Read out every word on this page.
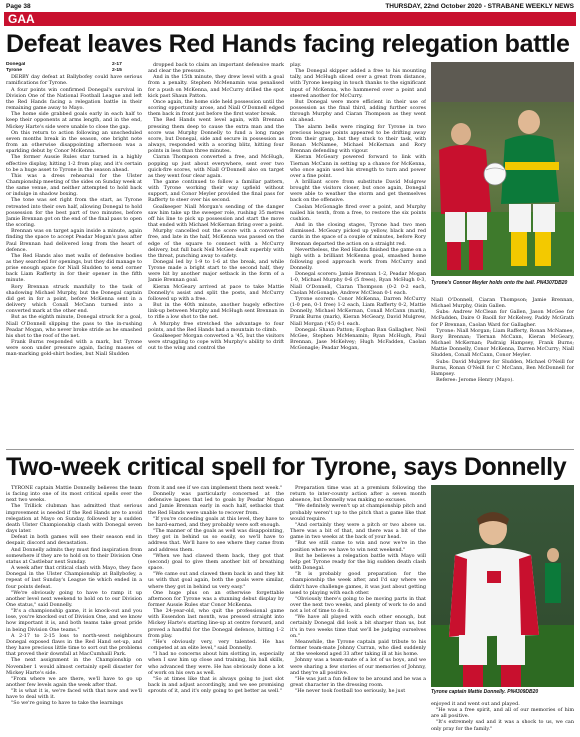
Page 38	THURSDAY, 22nd October 2020 - STRABANE WEEKLY NEWS
GAA
Defeat leaves Red Hands facing relegation battle

Donegal	2-17

Tyrone	2-15

DERBY day defeat at Ballybofey could have serious ramifications for Tyrone.

A four points win confirmed Donegal's survival in Division One of the National Football League and left the Red Hands facing a relegation battle in their remaining game away to Mayo.

The home side grabbed goals early in each half to keep their opponents at arms length, and in the end, Mickey Harte's side were unable to close the gap.

On this return to action following an unscheduled seven months break in the season, one bright note from an otherwise disappointing afternoon was a sparkling debut by Conor McKenna.

The former Aussie Rules star turned in a highly effective display, hitting 1-2 from play, and it's certain to be a huge asset to Tyrone in the season ahead.

This was a dress rehearsal for the Ulster Championship meeting of the sides on Sunday week at the same venue, and neither attempted to hold back or indulge in shadow boxing.

The tone was set right from the start, as Tyrone retreated into their own half, allowing Donegal to hold possession for the best part of two minutes, before Jamie Brennan got on the end of the final pass to open the scoring.

Brennan was on target again inside a minute, again finding the space to accept Peadar Mogan's pass after Paul Brennan had delivered long from the heart of defence.

The Red Hands also met walls of defensive bodies as they searched for openings, but they did manage to prise enough space for Niall Sludden to send corner back Liam Rafferty in for their opener in the fifth minute.

Rory Brennan struck manfully to the task of shadowing Michael Murphy, but the Donegal captain did get in for a point, before McKenna sent in a delivery which Conall McCann turned into a converted mark at the other end.

But as the eighth minute, Donegal struck for a goal, Niall O'Donnell slipping the pass to the in-rushing Peadar Mogan, who never broke stride as he smashed his shot to the roof of the net.

Frank Burns responded with a mark, but Tyrone were soon under pressure again, facing masses of man-marking gold-shirt bodies, but Niall Sludden

dropped back to claim an important defensive mark and clear the pressure.

And in the 15th minute, they drew level with a goal from a penalty. Stephen McMenamin was penalised for a push on McKenna, and McCurry drilled the spot kick past Shaun Patton.

Once again, the home side held possession until the scoring opportunity arose, and Niall O'Donnell edged them back in front just before the first water break.

The Red Hands went level again, with Brennan pressing them deep to cause the extra man and the score was Murphy Donnelly to fund a long range score, but Donegal, side and secure in possession as always, responded with a scoring blitz, hitting four points in less than three minutes.

Ciaran Thompson converted a free, and McHugh, popping up just about everywhere, sent over two quick-fire scores, with Niall O'Donnell also on target as they went four clear again.

The game continued to follow a familiar pattern, with Tyrone working their way upfield without support, and Conor Meyler provided the final pass for Rafferty to steer over his second.

Goalkeeper Niall Morgan's sending of the danger saw him take up the sweeper role, rushing 35 metres off his line to pick up possession and start the move that ended with Michael McKernan firing over a point.

Murphy cancelled out the score with a converted free, and late in the half, McKenna was passed on the edge of the square to connect with a McCurry delivery, but full back Neil McGee dealt superbly with the threat, punching away to safety.

Donegal led by 1-9 to 1-6 at the break, and while Tyrone made a bright start to the second half, they were hit by another major setback in the form of a Jamie Brennan goal.

Kieran McGeary arrived at pace to take Mattie Donnelly's assist and split the posts, and McCurry followed up with a free.

But in the 40th minute, another hugely effective link-up between Murphy and McHugh sent Brennan in to rifle a low shot to the net.

A Murphy free stretched the advantage to four points, and the Red Hands had a mountain to climb.

Goalkeeper Morgan converted a '45, but the visitors were struggling to cope with Murphy's ability to drift out to the wing and control the

play.

The Donegal skipper added a free to his mounting tally, and McHugh sliced over a great from distance, with Tyrone keeping in touch thanks to the significant input of McKenna, who hammered over a point and steered another for McCurry.

But Donegal were more efficient in their use of possession as the final third, adding further scores through Murphy and Ciaran Thompson as they went six ahead.

The alarm bells were ringing for Tyrone in two precious league points appeared to be drifting away from their grasp, but they stuck to their task, with Ronan McNamee, Michael McKernan and Rory Brennan defending with vigour.

Kieran McGeary powered forward to link with Tiernan McCann in setting up a chance for McKenna, who once again used his strength to turn and power over a fine point.

A brilliant score from substitute David Mulgrew brought the visitors closer, but once again, Donegal were able to weather the storm and get themselves back on the offensive.

Caolan McGonagle fired over a point, and Murphy nailed his tenth, from a free, to restore the six points cushion.

And in the closing stages, Tyrone had two men dismissed. McGeary picked up yellow, black and red cards in the space of a couple of minutes, before Rory Brennan departed the action on a straight red.

Nevertheless, the Red Hands finished the game on a high with a brilliant McKenna goal, smashed home following good approach work from McCurry and Donnelly.

Donegal scorers: Jamie Brennan 1-2, Peadar Mogan 1-0, Michael Murphy 0-6 (5 frees), Ryan McHugh 0-3, Niall O'Donnell, Ciaran Thompson (0-2 0-2 each, Caolan McGonagle, Andrew McClean 0-1 each.

Tyrone scorers: Conor McKenna, Darren McCurry (1-0 pen, 0-1 free) 1-2 each, Liam Rafferty 0-2, Mattie Donnelly, Michael McKernan, Conall McCann (mark), Frank Burns (mark), Kieran McGeary, David Mulgrew, Niall Morgan ('45) 0-1 each.

Donegal: Shaun Patton; Eoghan Ban Gallagher, Neil McGee, Stephen McMenamin; Ryan McHugh, Paul Brennan, Jase McKelvey; Hugh McFadden, Caolan McGonagle; Peadar Mogan,

Tyrone's Connor Meyler holds onto the ball. PN4307DB20

Niall O'Donnell, Ciaran Thompson; Jamie Brennan, Michael Murphy, Oisin Gallen.

Subs: Andrew McClean for Gallen, Jason McGee for McFadden, Daire O Baoill for McKelvey, Paddy McGrath for P Brennan, Caolan Ward for Gallagher.

Tyrone: Niall Morgan; Liam Rafferty, Ronan McNamee, Rory Brennan; Tiernan McCann, Kieran McGeary, Michael McKernan; Padraig Hampsey, Frank Burns; Mattie Donnelly, Conor McKenna, Darren McCurry; Niall Sludden, Conall McCann, Conor Meyler.

Subs: David Mulgrew for Sludden, Michael O'Neill for Burns, Ronan O'Neill for C McCann, Ben McDonnell for Hampsey.

Referee: Jerome Henry (Mayo).

Two-week critical spell for Tyrone, says Donnelly

TYRONE captain Mattie Donnelly believes the team is facing into one of its most critical spells over the next two weeks.

The Trillick clubman has admitted that serious improvement is needed if the Red Hands are to avoid relegation at Mayo on Sunday, followed by a sudden death Ulster Championship clash with Donegal seven days later.

Defeat in both games will see their season end in despair, discord and devastation.

And Donnelly admits they must find inspiration from somewhere if they are to hold on to their Division One status at Castlebar next Sunday.

A week after that critical clash with Mayo, they face Donegal in the Ulster Championship at Ballybofey, a repeat of last Sunday's League tie which ended in a four points defeat.

"We're obviously going to have to ramp it up another level next weekend to hold on to our Division One status," said Donnelly.

"It's a championship game, it is knock-out and you lose, you're knocked out of Division One, and we know how important it is, and both teams take great pride in being Division One teams."

A 2-17 to 2-15 loss to north-west neighbours Donegal exposed flaws in the Red Hand set-up, and they have precious little time to sort out the problems that proved their downfall at MacCumhaill Park.

The next assignment in the Championship on November 1 would almost certainly spell disaster for Mickey Harte's side.

"From where we are there, we'll have to go up another few levels again the week after that.

"It is what it is, we're faced with that now and we'll have to deal with it.

"So we're going to have to take the learnings

from it and see if we can implement them next week."

Donnelly was particularly concerned at the defensive lapses that led to goals by Peadar Mogan and Jamie Brennan early in each half, setbacks that the Red Hands were unable to recover from.

"If you're conceding goals at this level, they have to be hard-earned, and they probably were soft enough.

"The manner of the goals as well was disappointing, they got in behind us so easily, so we'll have to address that. We'll have to see where they came from and address them.

"When we had clawed them back, they got that (second) goal to give them another bit of breathing space.

"We came out and clawed them back in and they hit us with that goal again, both the goals were similar, where they got in behind us very easy."

One huge plus on an otherwise forgettable afternoon for Tyrone was a stunning debut display by former Aussie Rules star Conor McKenna.

The 24-year-old, who quit the professional game with Essendon last month, was pressed straight into Mickey Harte's starting line-up at centre forward, and proved a handful for the Donegal defence, hitting 1-2 from play.

"He's obviously very, very talented. He has competed at an elite level," said Donnelly.

"I had no concerns about him slotting in, especially when I saw him up close and training, his ball skills, who advanced they were. He has obviously done a lot of work on his own as well.

"So at times like that is always going to just slot back in and adjust accordingly, and we see promising sprouts of it, and it's only going to get better as well."

Preparation time was at a premium following the return to inter-county action after a seven month absence, but Donnelly was making no excuses.

"We definitely weren't up at championship pitch and probably weren't up to the pitch that a game like that would require.

"And certainly they were a pitch or two above us. There was a bit of that, and there was a bit of the game in two weeks at the back of your head.

"But we still came to win and now we're in the position where we have to win next weekend."

But he believes a relegation battle with Mayo will help get Tyrone ready for the big sudden death clash with Donegal.

"It is probably good preparation for the championship the week after, and I'd say where we didn't have challenge games, it was just about getting used to playing with each other.

"Obviously there's going to be moving parts in that over the next two weeks, and plenty of work to do and not a lot of time to do it.

"We have all played with each other enough, but certainly Donegal did look a bit sharper than us, but it's in two weeks time that we'll be judging ourselves on."

Meanwhile, the Tyrone captain paid tribute to his former team-mate Johnny Curran, who died suddenly at the weekend aged 33 after taking ill at his home.

Johnny was a team-mate of a lot of us boys, and we were sharing a few stories of our memories of Johnny, and they're all positive.

"He was just a fun fellow to be around and he was a great character in the dressing room.

"He never took football too seriously, he just	Tyrone captain Mattie Donnelly. PN4309DB20

enjoyed it and went out and played.

"He was a free spirit, and all of our memories of him are all positive.

"It's extremely sad and it was a shock to us, we can only pray for the family."
